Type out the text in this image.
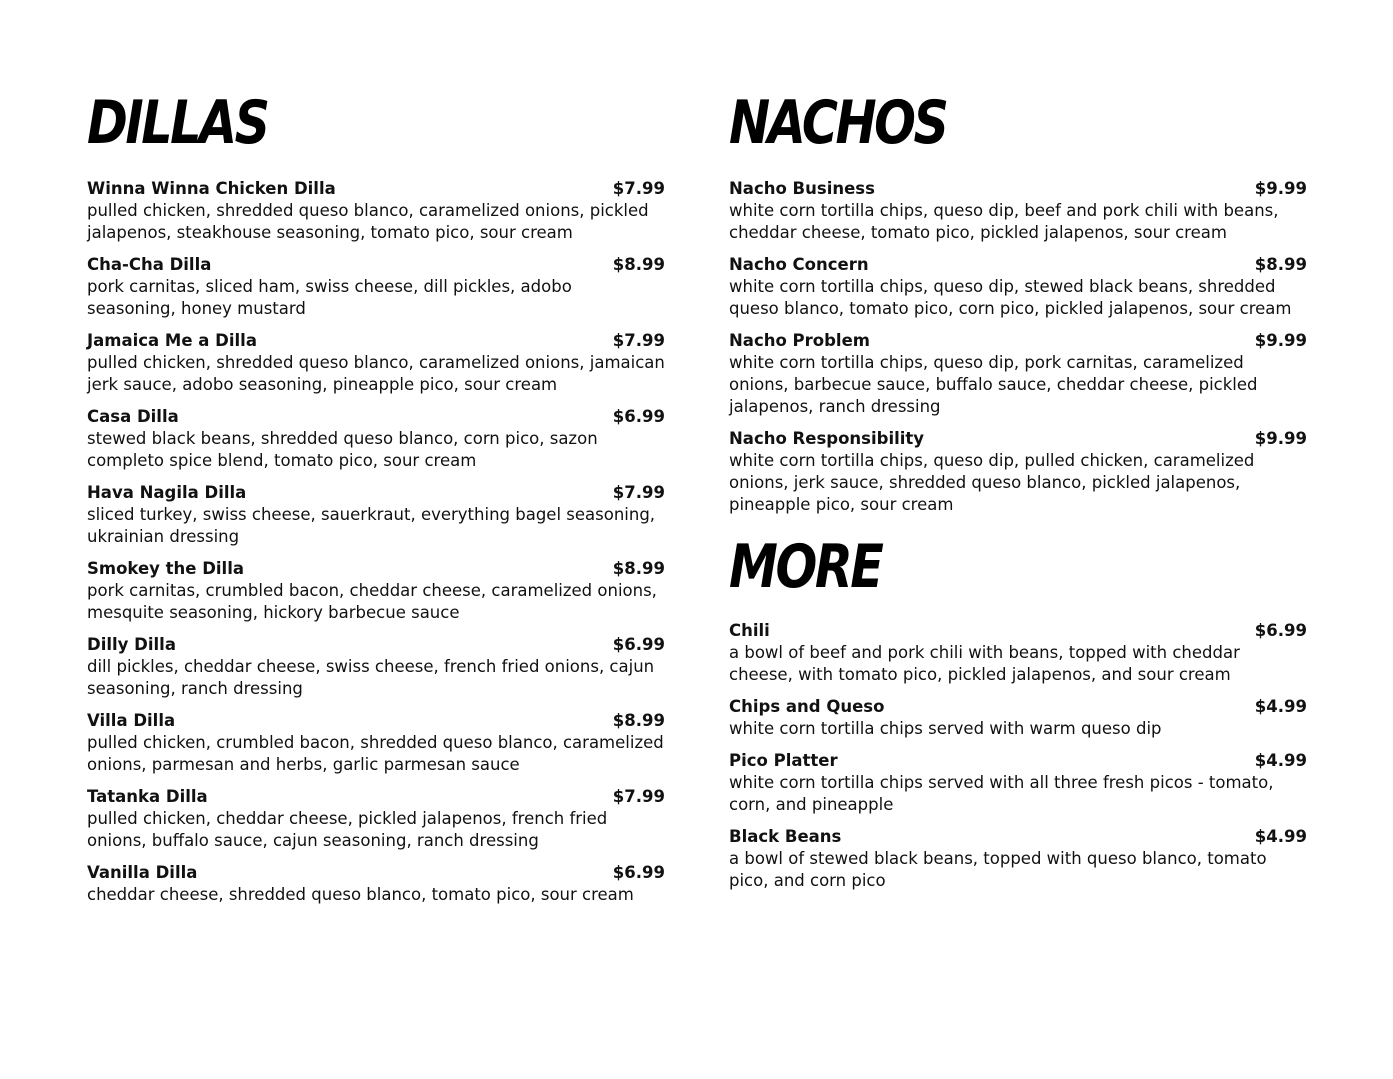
DILLAS
Winna Winna Chicken Dilla	$7.99
pulled chicken, shredded queso blanco, caramelized onions, pickled jalapenos, steakhouse seasoning, tomato pico, sour cream
Cha-Cha Dilla	$8.99
pork carnitas, sliced ham, swiss cheese, dill pickles, adobo seasoning, honey mustard
Jamaica Me a Dilla	$7.99
pulled chicken, shredded queso blanco, caramelized onions, jamaican jerk sauce, adobo seasoning, pineapple pico, sour cream
Casa Dilla	$6.99
stewed black beans, shredded queso blanco, corn pico, sazon completo spice blend, tomato pico, sour cream
Hava Nagila Dilla	$7.99
sliced turkey, swiss cheese, sauerkraut, everything bagel seasoning, ukrainian dressing
Smokey the Dilla	$8.99
pork carnitas, crumbled bacon, cheddar cheese, caramelized onions, mesquite seasoning, hickory barbecue sauce
Dilly Dilla	$6.99
dill pickles, cheddar cheese, swiss cheese, french fried onions, cajun seasoning, ranch dressing
Villa Dilla	$8.99
pulled chicken, crumbled bacon, shredded queso blanco, caramelized onions, parmesan and herbs, garlic parmesan sauce
Tatanka Dilla	$7.99
pulled chicken, cheddar cheese, pickled jalapenos, french fried onions, buffalo sauce, cajun seasoning, ranch dressing
Vanilla Dilla	$6.99
cheddar cheese, shredded queso blanco, tomato pico, sour cream
NACHOS
Nacho Business	$9.99
white corn tortilla chips, queso dip, beef and pork chili with beans, cheddar cheese, tomato pico, pickled jalapenos, sour cream
Nacho Concern	$8.99
white corn tortilla chips, queso dip, stewed black beans, shredded queso blanco, tomato pico, corn pico, pickled jalapenos, sour cream
Nacho Problem	$9.99
white corn tortilla chips, queso dip, pork carnitas, caramelized onions, barbecue sauce, buffalo sauce, cheddar cheese, pickled jalapenos, ranch dressing
Nacho Responsibility	$9.99
white corn tortilla chips, queso dip, pulled chicken, caramelized onions, jerk sauce, shredded queso blanco, pickled jalapenos, pineapple pico, sour cream
MORE
Chili	$6.99
a bowl of beef and pork chili with beans, topped with cheddar cheese, with tomato pico, pickled jalapenos, and sour cream
Chips and Queso	$4.99
white corn tortilla chips served with warm queso dip
Pico Platter	$4.99
white corn tortilla chips served with all three fresh picos - tomato, corn, and pineapple
Black Beans	$4.99
a bowl of stewed black beans, topped with queso blanco, tomato pico, and corn pico
